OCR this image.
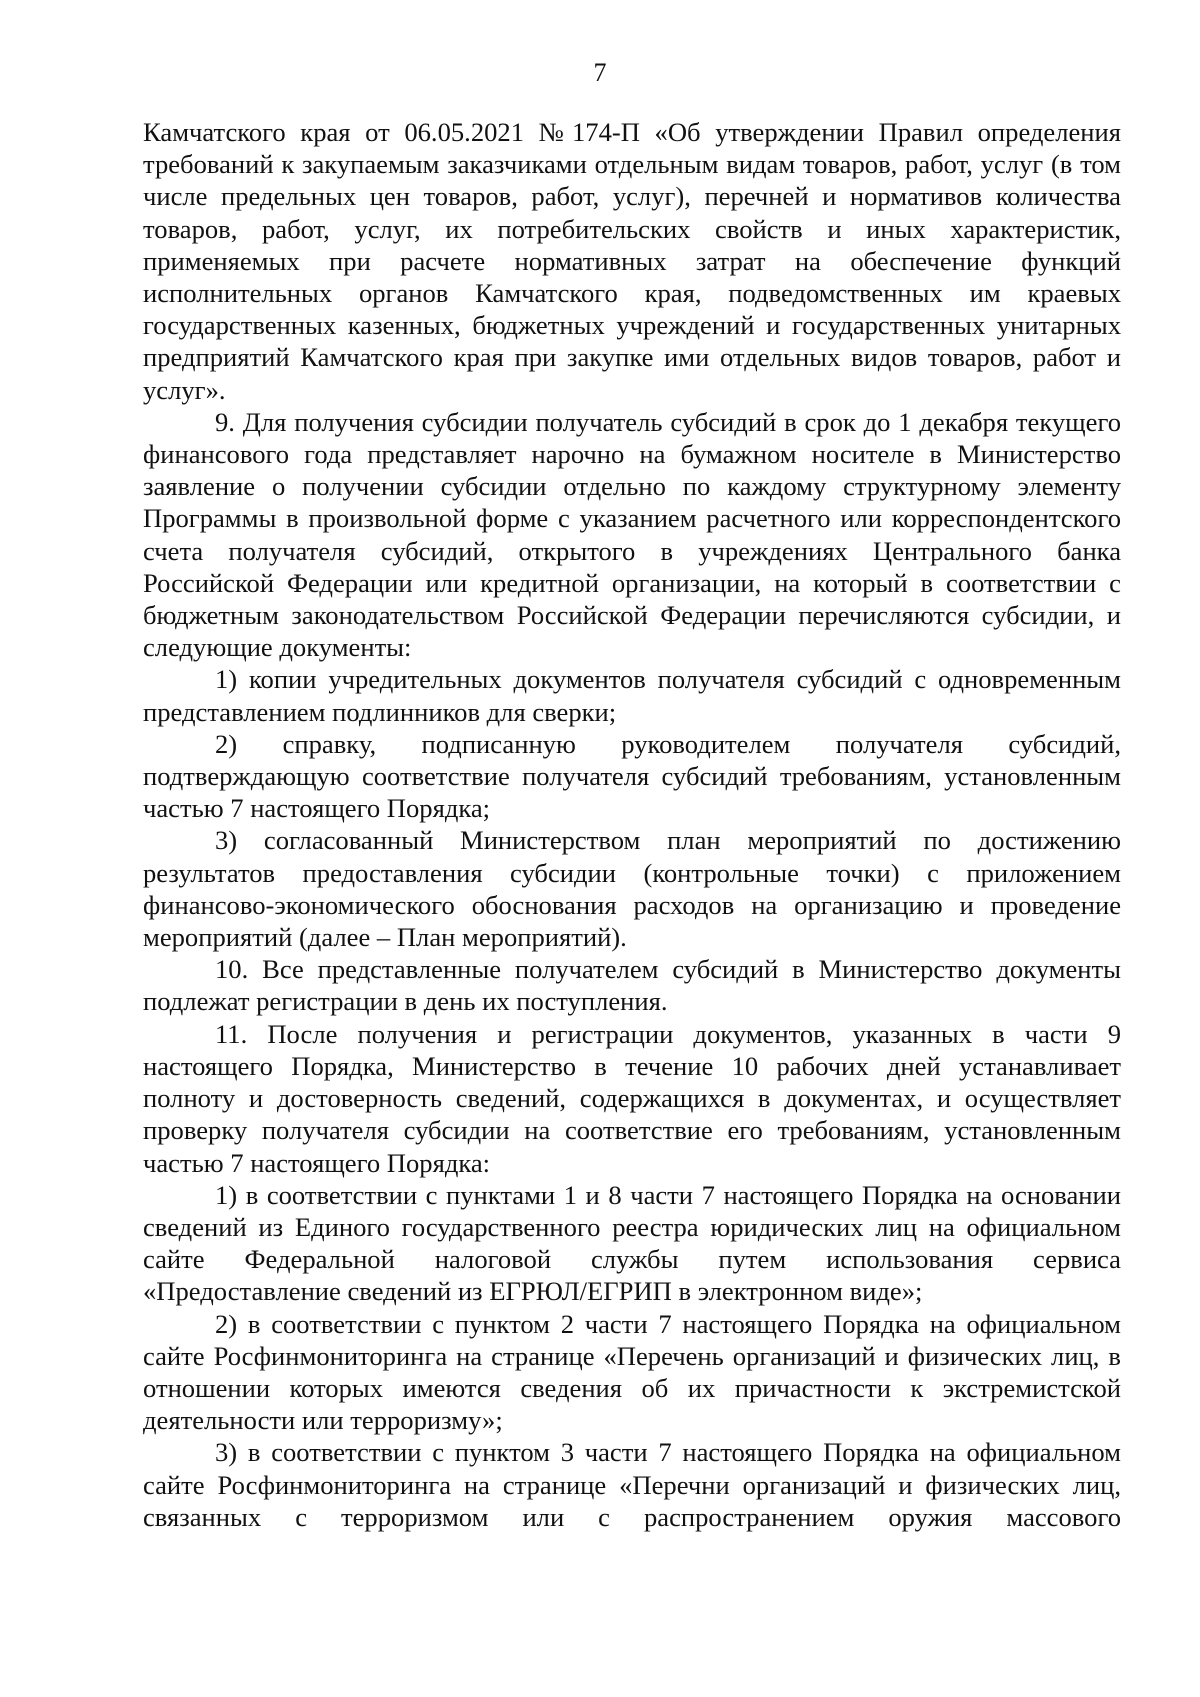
7

Камчатского края от 06.05.2021 №174-П «Об утверждении Правил определения требований к закупаемым заказчиками отдельным видам товаров, работ, услуг (в том числе предельных цен товаров, работ, услуг), перечней и нормативов количества товаров, работ, услуг, их потребительских свойств и иных характеристик, применяемых при расчете нормативных затрат на обеспечение функций исполнительных органов Камчатского края, подведомственных им краевых государственных казенных, бюджетных учреждений и государственных унитарных предприятий Камчатского края при закупке ими отдельных видов товаров, работ и услуг».

9. Для получения субсидии получатель субсидий в срок до 1 декабря текущего финансового года представляет нарочно на бумажном носителе в Министерство заявление о получении субсидии отдельно по каждому структурному элементу Программы в произвольной форме с указанием расчетного или корреспондентского счета получателя субсидий, открытого в учреждениях Центрального банка Российской Федерации или кредитной организации, на который в соответствии с бюджетным законодательством Российской Федерации перечисляются субсидии, и следующие документы:

1) копии учредительных документов получателя субсидий с одновременным представлением подлинников для сверки;

2) справку, подписанную руководителем получателя субсидий, подтверждающую соответствие получателя субсидий требованиям, установленным частью 7 настоящего Порядка;

3) согласованный Министерством план мероприятий по достижению результатов предоставления субсидии (контрольные точки) с приложением финансово-экономического обоснования расходов на организацию и проведение мероприятий (далее – План мероприятий).

10. Все представленные получателем субсидий в Министерство документы подлежат регистрации в день их поступления.

11. После получения и регистрации документов, указанных в части 9 настоящего Порядка, Министерство в течение 10 рабочих дней устанавливает полноту и достоверность сведений, содержащихся в документах, и осуществляет проверку получателя субсидии на соответствие его требованиям, установленным частью 7 настоящего Порядка:

1) в соответствии с пунктами 1 и 8 части 7 настоящего Порядка на основании сведений из Единого государственного реестра юридических лиц на официальном сайте Федеральной налоговой службы путем использования сервиса «Предоставление сведений из ЕГРЮЛ/ЕГРИП в электронном виде»;

2) в соответствии с пунктом 2 части 7 настоящего Порядка на официальном сайте Росфинмониторинга на странице «Перечень организаций и физических лиц, в отношении которых имеются сведения об их причастности к экстремистской деятельности или терроризму»;

3) в соответствии с пунктом 3 части 7 настоящего Порядка на официальном сайте Росфинмониторинга на странице «Перечни организаций и физических лиц, связанных с терроризмом или с распространением оружия массового
